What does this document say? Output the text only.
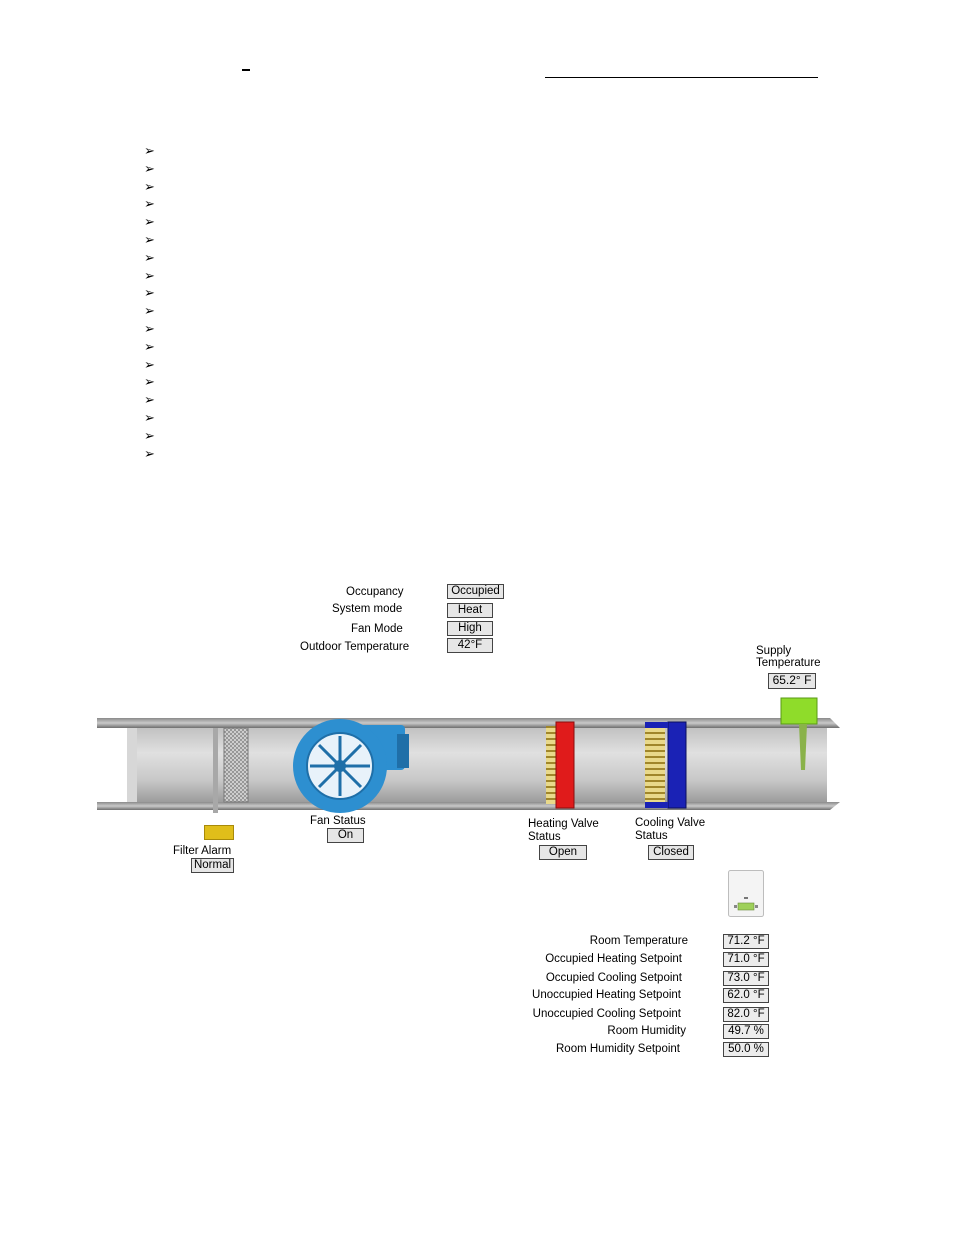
➢
➢
➢
➢
➢
➢
➢
➢
➢
➢
➢
➢
➢
➢
➢
➢
➢
➢
Occupancy	Occupied
System mode	Heat
Fan Mode	High
Outdoor Temperature	42°F	Supply
Temperature
65.2° F
Fan Status
On
Filter Alarm
Normal
Heating Valve
Status
Open
Cooling Valve
Status
Closed
Room Temperature	71.2 °F
Occupied Heating Setpoint	71.0 °F
Occupied Cooling Setpoint	73.0 °F
Unoccupied Heating Setpoint	62.0 °F
Unoccupied Cooling Setpoint	82.0 °F
Room Humidity	49.7 %
Room Humidity Setpoint	50.0 %
